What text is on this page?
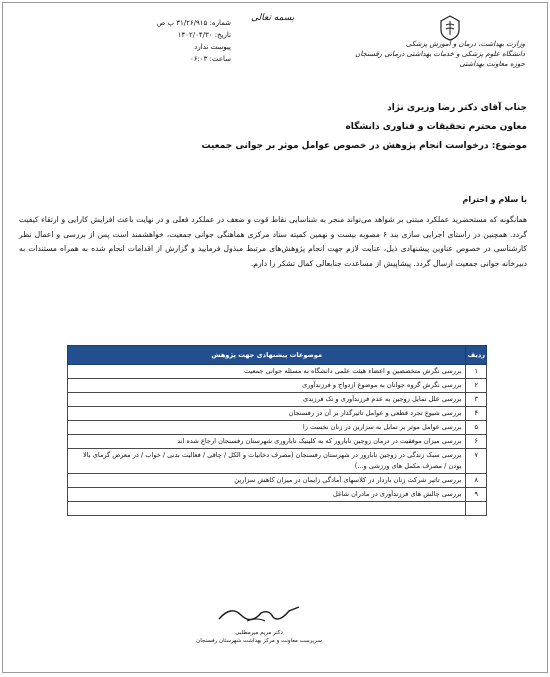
وزارت بهداشت، درمان و آموزش پزشکی
دانشگاه علوم پزشکی و خدمات بهداشتی درمانی رفسنجان
حوزه معاونت بهداشتی
بسمه تعالی
شماره: ۳۱/۲۶/۹۱۵ پ ص
تاریخ: ۱۴۰۲/۰۴/۳۰
پیوست ندارد
ساعت: ۰۶:۰۳
جناب آقای دکتر رضا وزیری نژاد
معاون محترم تحقیقات و فناوری دانشگاه
موضوع: درخواست انجام پژوهش در خصوص عوامل موثر بر جوانی جمعیت
با سلام و احترام
همانگونه که مستحضرید عملکرد مبتنی بر شواهد می‌تواند منجر به شناسایی نقاط قوت و ضعف در عملکرد فعلی و در نهایت باعث افزایش کارایی و ارتقاء کیفیت گردد. همچنین در راستای اجرایی سازی بند ۶ مصوبه بیست و نهمین کمیته ستاد مرکزی هماهنگی جوانی جمعیت، خواهشمند است پس از بررسی و اعمال نظر کارشناسی در خصوص عناوین پیشنهادی ذیل، عنایت لازم جهت انجام پژوهش‌های مرتبط مبذول فرمایید و گزارش از اقدامات انجام شده به همراه مستندات به دبیرخانه جوانی جمعیت ارسال گردد. پیشاپیش از مساعدت جنابعالی کمال تشکر را دارم.
ردیف	موضوعات پیشنهادی جهت پژوهش
۱	بررسی نگرش متخصصین و اعضاء هیئت علمی دانشگاه به مسئله جوانی جمعیت
۲	بررسی نگرش گروه جوانان به موضوع ازدواج و فرزندآوری
۳	بررسی علل تمایل زوجین به عدم فرزندآوری و تک فرزندی
۴	بررسی شیوع تجرد قطعی و عوامل تاثیرگذار بر آن در رفسنجان
۵	بررسی عوامل موثر بر تمایل به سزارین در زنان نخست زا
۶	بررسی میزان موفقیت در درمان زوجین نابارور که به کلینیک ناباروری شهرستان رفسنجان ارجاع شده اند
۷	بررسی سبک زندگی در زوجین نابارور در شهرستان رفسنجان (مصرف دخانیات و الکل / چاقی / فعالیت بدنی / خواب / در معرض گرمای بالا بودن / مصرف مکمل های ورزشی و...)
۸	بررسی تاثیر شرکت زنان باردار در کلاسهای آمادگی زایمان در میزان کاهش سزارین
۹	بررسی چالش های فرزندآوری در مادران شاغل

دکتر مریم میرمطلبی
سرپرست معاونت و مرکز بهداشت شهرستان رفسنجان
